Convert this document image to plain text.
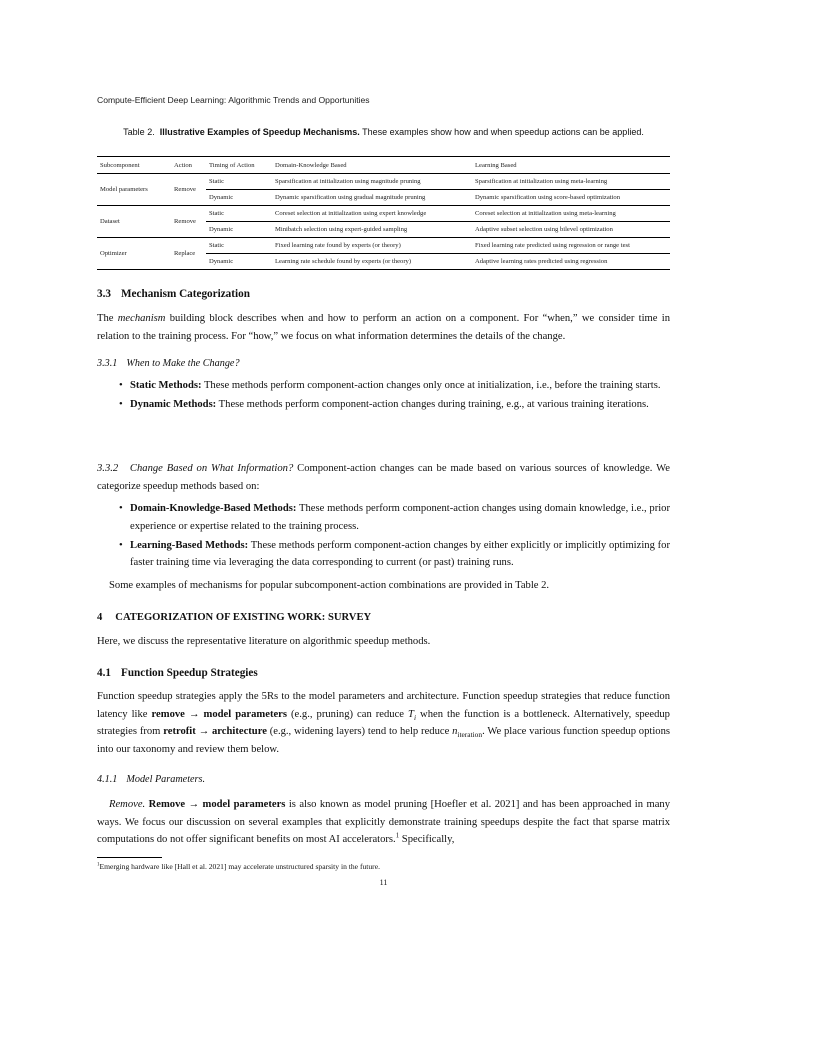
Compute-Efficient Deep Learning: Algorithmic Trends and Opportunities
Table 2. Illustrative Examples of Speedup Mechanisms. These examples show how and when speedup actions can be applied.
Subcomponent	Action	Timing of Action	Domain-Knowledge Based	Learning Based
Model parameters	Remove	Static	Sparsification at initialization using magnitude pruning	Sparsification at initialization using meta-learning
		Dynamic	Dynamic sparsification using gradual magnitude pruning	Dynamic sparsification using score-based optimization
Dataset	Remove	Static	Coreset selection at initialization using expert knowledge	Coreset selection at initialization using meta-learning
		Dynamic	Minibatch selection using expert-guided sampling	Adaptive subset selection using bilevel optimization
Optimizer	Replace	Static	Fixed learning rate found by experts (or theory)	Fixed learning rate predicted using regression or range test
		Dynamic	Learning rate schedule found by experts (or theory)	Adaptive learning rates predicted using regression
3.3 Mechanism Categorization
The mechanism building block describes when and how to perform an action on a component. For “when,” we consider time in relation to the training process. For “how,” we focus on what information determines the details of the change.
3.3.1 When to Make the Change?
• Static Methods: These methods perform component-action changes only once at initialization, i.e., before the training starts.
• Dynamic Methods: These methods perform component-action changes during training, e.g., at various training iterations.
3.3.2 Change Based on What Information? Component-action changes can be made based on various sources of knowledge. We categorize speedup methods based on:
• Domain-Knowledge-Based Methods: These methods perform component-action changes using domain knowledge, i.e., prior experience or expertise related to the training process.
• Learning-Based Methods: These methods perform component-action changes by either explicitly or implicitly optimizing for faster training time via leveraging the data corresponding to current (or past) training runs.
Some examples of mechanisms for popular subcomponent-action combinations are provided in Table 2.
4 CATEGORIZATION OF EXISTING WORK: SURVEY
Here, we discuss the representative literature on algorithmic speedup methods.
4.1 Function Speedup Strategies
Function speedup strategies apply the 5Rs to the model parameters and architecture. Function speedup strategies that reduce function latency like remove → model parameters (e.g., pruning) can reduce $T_i$ when the function is a bottleneck. Alternatively, speedup strategies from retrofit → architecture (e.g., widening layers) tend to help reduce $n_{iteration}$. We place various function speedup options into our taxonomy and review them below.
4.1.1 Model Parameters.
Remove. Remove → model parameters is also known as model pruning [Hoefler et al. 2021] and has been approached in many ways. We focus our discussion on several examples that explicitly demonstrate training speedups despite the fact that sparse matrix computations do not offer significant benefits on most AI accelerators.$^1$ Specifically,
$^1$Emerging hardware like [Hall et al. 2021] may accelerate unstructured sparsity in the future.
11
